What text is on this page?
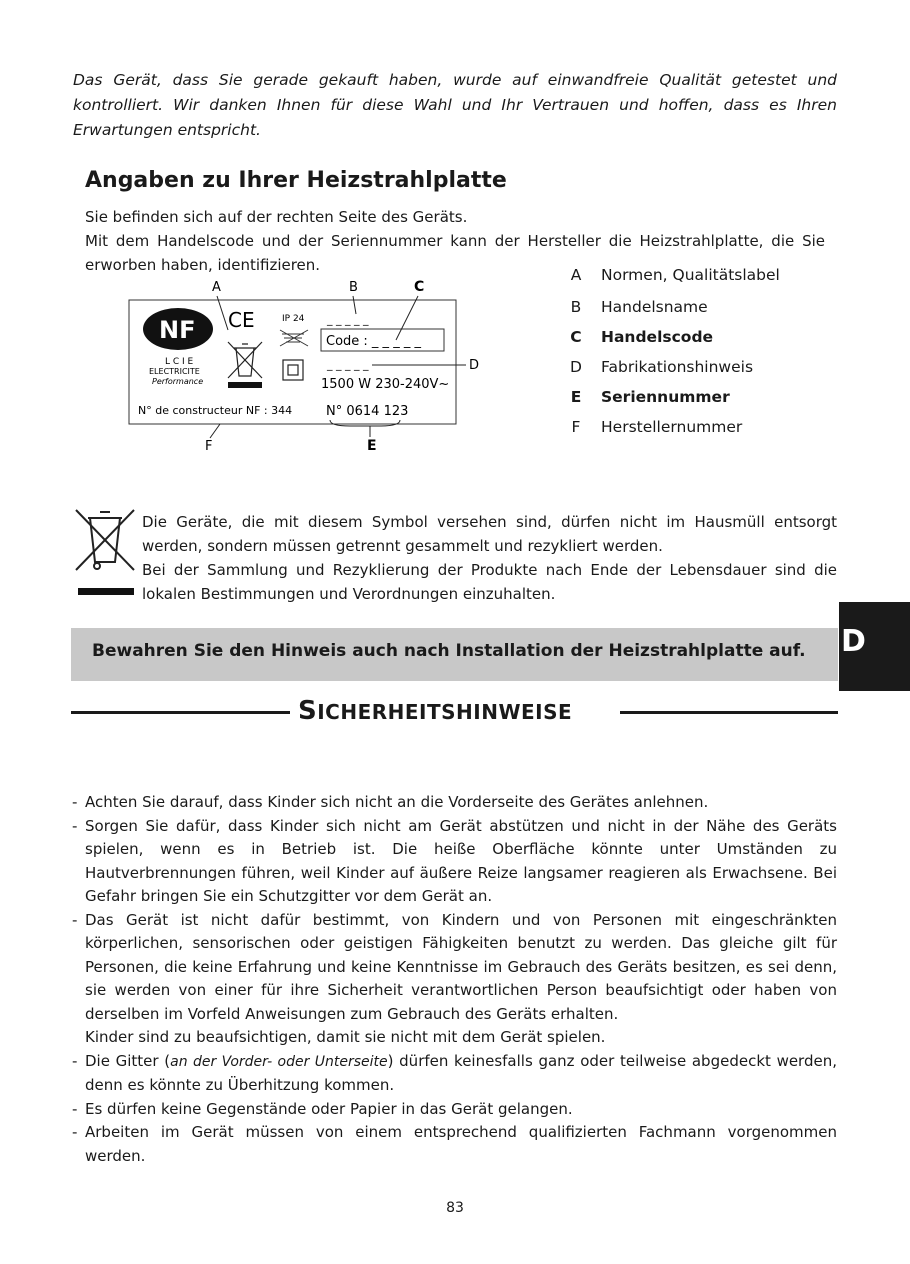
Das Gerät, dass Sie gerade gekauft haben, wurde auf einwandfreie Qualität getestet und kontrolliert. Wir danken Ihnen für diese Wahl und Ihr Vertrauen und hoffen, dass es Ihren Erwartungen entspricht.
Angaben zu Ihrer Heizstrahlplatte
Sie befinden sich auf der rechten Seite des Geräts.
Mit dem Handelscode und der Seriennummer kann der Hersteller die Heizstrahlplatte, die Sie erworben haben, identifizieren.
A	B	C
D
E
F
NF
L C I E
ELECTRICITE
Performance
CE	IP 24 _ _ _ _ _
Code : _ _ _ _ _
_ _ _ _ _
1500 W 230-240V~
N° 0614 123
N° de constructeur NF : 344
A Normen, Qualitätslabel
B Handelsname
C Handelscode
D Fabrikationshinweis
E Seriennummer
F Herstellernummer
Die Geräte, die mit diesem Symbol versehen sind, dürfen nicht im Hausmüll entsorgt werden, sondern müssen getrennt gesammelt und rezykliert werden.
Bei der Sammlung und Rezyklierung der Produkte nach Ende der Lebensdauer sind die lokalen Bestimmungen und Verordnungen einzuhalten.
Bewahren Sie den Hinweis auch nach Installation der Heizstrahlplatte auf. D
SICHERHEITSHINWEISE
- Achten Sie darauf, dass Kinder sich nicht an die Vorderseite des Gerätes anlehnen.
- Sorgen Sie dafür, dass Kinder sich nicht am Gerät abstützen und nicht in der Nähe des Geräts spielen, wenn es in Betrieb ist. Die heiße Oberfläche könnte unter Umständen zu Hautverbrennungen führen, weil Kinder auf äußere Reize langsamer reagieren als Erwachsene. Bei Gefahr bringen Sie ein Schutzgitter vor dem Gerät an.
- Das Gerät ist nicht dafür bestimmt, von Kindern und von Personen mit eingeschränkten körperlichen, sensorischen oder geistigen Fähigkeiten benutzt zu werden. Das gleiche gilt für Personen, die keine Erfahrung und keine Kenntnisse im Gebrauch des Geräts besitzen, es sei denn, sie werden von einer für ihre Sicherheit verantwortlichen Person beaufsichtigt oder haben von derselben im Vorfeld Anweisungen zum Gebrauch des Geräts erhalten.
Kinder sind zu beaufsichtigen, damit sie nicht mit dem Gerät spielen.
- Die Gitter (an der Vorder- oder Unterseite) dürfen keinesfalls ganz oder teilweise abgedeckt werden, denn es könnte zu Überhitzung kommen.
- Es dürfen keine Gegenstände oder Papier in das Gerät gelangen.
- Arbeiten im Gerät müssen von einem entsprechend qualifizierten Fachmann vorgenommen werden.
83
